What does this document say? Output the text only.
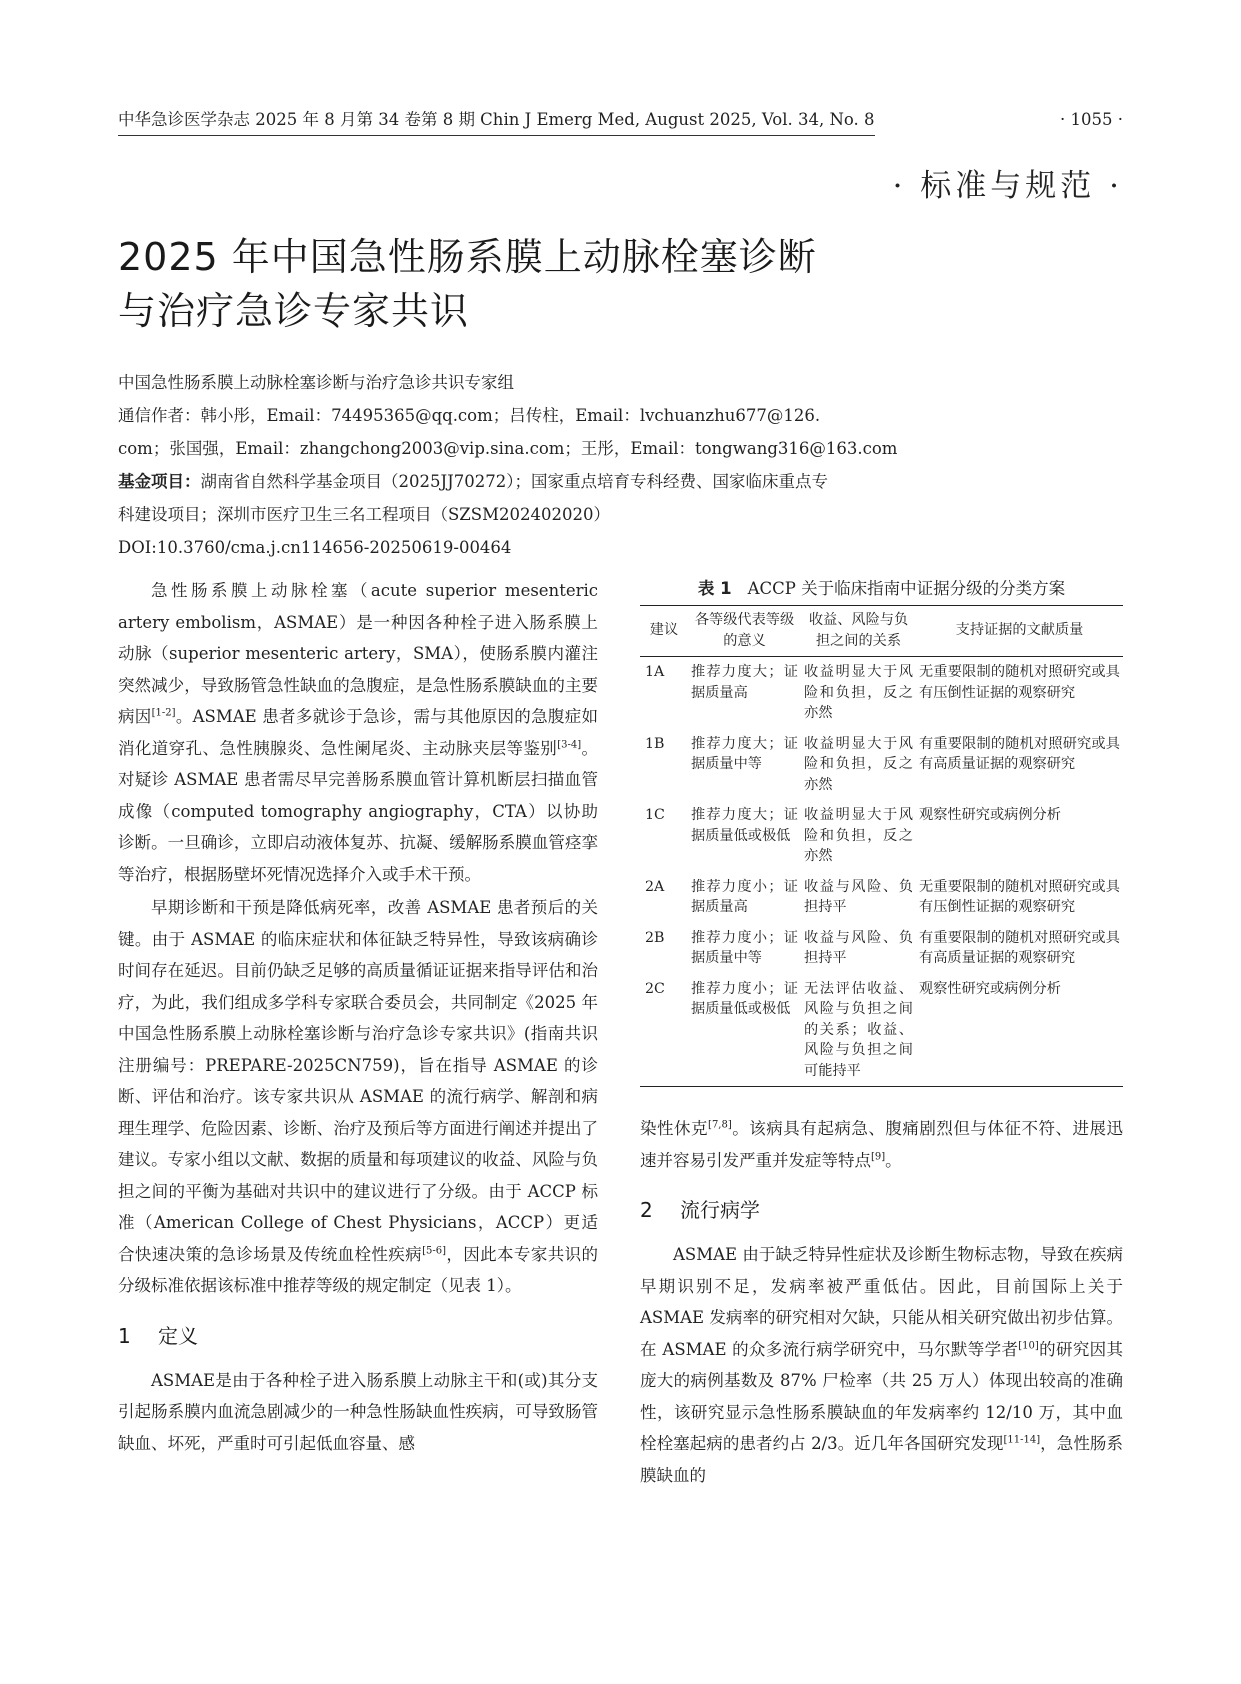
中华急诊医学杂志 2025 年 8 月第 34 卷第 8 期 Chin J Emerg Med, August 2025, Vol. 34, No. 8	· 1055 ·
· 标准与规范 ·
2025 年中国急性肠系膜上动脉栓塞诊断
与治疗急诊专家共识
中国急性肠系膜上动脉栓塞诊断与治疗急诊共识专家组
通信作者：韩小彤，Email：74495365@qq.com；吕传柱，Email：lvchuanzhu677@126.
com；张国强，Email：zhangchong2003@vip.sina.com；王彤，Email：tongwang316@163.com
基金项目：湖南省自然科学基金项目（2025JJ70272）；国家重点培育专科经费、国家临床重点专
科建设项目；深圳市医疗卫生三名工程项目（SZSM202402020）
DOI:10.3760/cma.j.cn114656-20250619-00464

急性肠系膜上动脉栓塞（acute superior mesenteric artery embolism，ASMAE）是一种因各种栓子进入肠系膜上动脉（superior mesenteric artery，SMA），使肠系膜内灌注突然减少，导致肠管急性缺血的急腹症，是急性肠系膜缺血的主要病因[1-2]。ASMAE 患者多就诊于急诊，需与其他原因的急腹症如消化道穿孔、急性胰腺炎、急性阑尾炎、主动脉夹层等鉴别[3-4]。对疑诊 ASMAE 患者需尽早完善肠系膜血管计算机断层扫描血管成像（computed tomography angiography，CTA）以协助诊断。一旦确诊，立即启动液体复苏、抗凝、缓解肠系膜血管痉挛等治疗，根据肠壁坏死情况选择介入或手术干预。

早期诊断和干预是降低病死率，改善 ASMAE 患者预后的关键。由于 ASMAE 的临床症状和体征缺乏特异性，导致该病确诊时间存在延迟。目前仍缺乏足够的高质量循证证据来指导评估和治疗，为此，我们组成多学科专家联合委员会，共同制定《2025 年中国急性肠系膜上动脉栓塞诊断与治疗急诊专家共识》(指南共识注册编号：PREPARE-2025CN759)，旨在指导 ASMAE 的诊断、评估和治疗。该专家共识从 ASMAE 的流行病学、解剖和病理生理学、危险因素、诊断、治疗及预后等方面进行阐述并提出了建议。专家小组以文献、数据的质量和每项建议的收益、风险与负担之间的平衡为基础对共识中的建议进行了分级。由于 ACCP 标准（American College of Chest Physicians，ACCP）更适合快速决策的急诊场景及传统血栓性疾病[5-6]，因此本专家共识的分级标准依据该标准中推荐等级的规定制定（见表 1）。

1 定义

ASMAE是由于各种栓子进入肠系膜上动脉主干和(或)其分支引起肠系膜内血流急剧减少的一种急性肠缺血性疾病，可导致肠管缺血、坏死，严重时可引起低血容量、感

表 1 ACCP 关于临床指南中证据分级的分类方案
建议	各等级代表等级的意义	收益、风险与负担之间的关系	支持证据的文献质量
1A	推荐力度大；证据质量高	收益明显大于风险和负担，反之亦然	无重要限制的随机对照研究或具有压倒性证据的观察研究
1B	推荐力度大；证据质量中等	收益明显大于风险和负担，反之亦然	有重要限制的随机对照研究或具有高质量证据的观察研究
1C	推荐力度大；证据质量低或极低	收益明显大于风险和负担，反之亦然	观察性研究或病例分析
2A	推荐力度小；证据质量高	收益与风险、负担持平	无重要限制的随机对照研究或具有压倒性证据的观察研究
2B	推荐力度小；证据质量中等	收益与风险、负担持平	有重要限制的随机对照研究或具有高质量证据的观察研究
2C	推荐力度小；证据质量低或极低	无法评估收益、风险与负担之间的关系；收益、风险与负担之间可能持平	观察性研究或病例分析

染性休克[7,8]。该病具有起病急、腹痛剧烈但与体征不符、进展迅速并容易引发严重并发症等特点[9]。

2 流行病学

ASMAE 由于缺乏特异性症状及诊断生物标志物，导致在疾病早期识别不足，发病率被严重低估。因此，目前国际上关于 ASMAE 发病率的研究相对欠缺，只能从相关研究做出初步估算。在 ASMAE 的众多流行病学研究中，马尔默等学者[10]的研究因其庞大的病例基数及 87% 尸检率（共 25 万人）体现出较高的准确性，该研究显示急性肠系膜缺血的年发病率约 12/10 万，其中血栓栓塞起病的患者约占 2/3。近几年各国研究发现[11-14]，急性肠系膜缺血的
